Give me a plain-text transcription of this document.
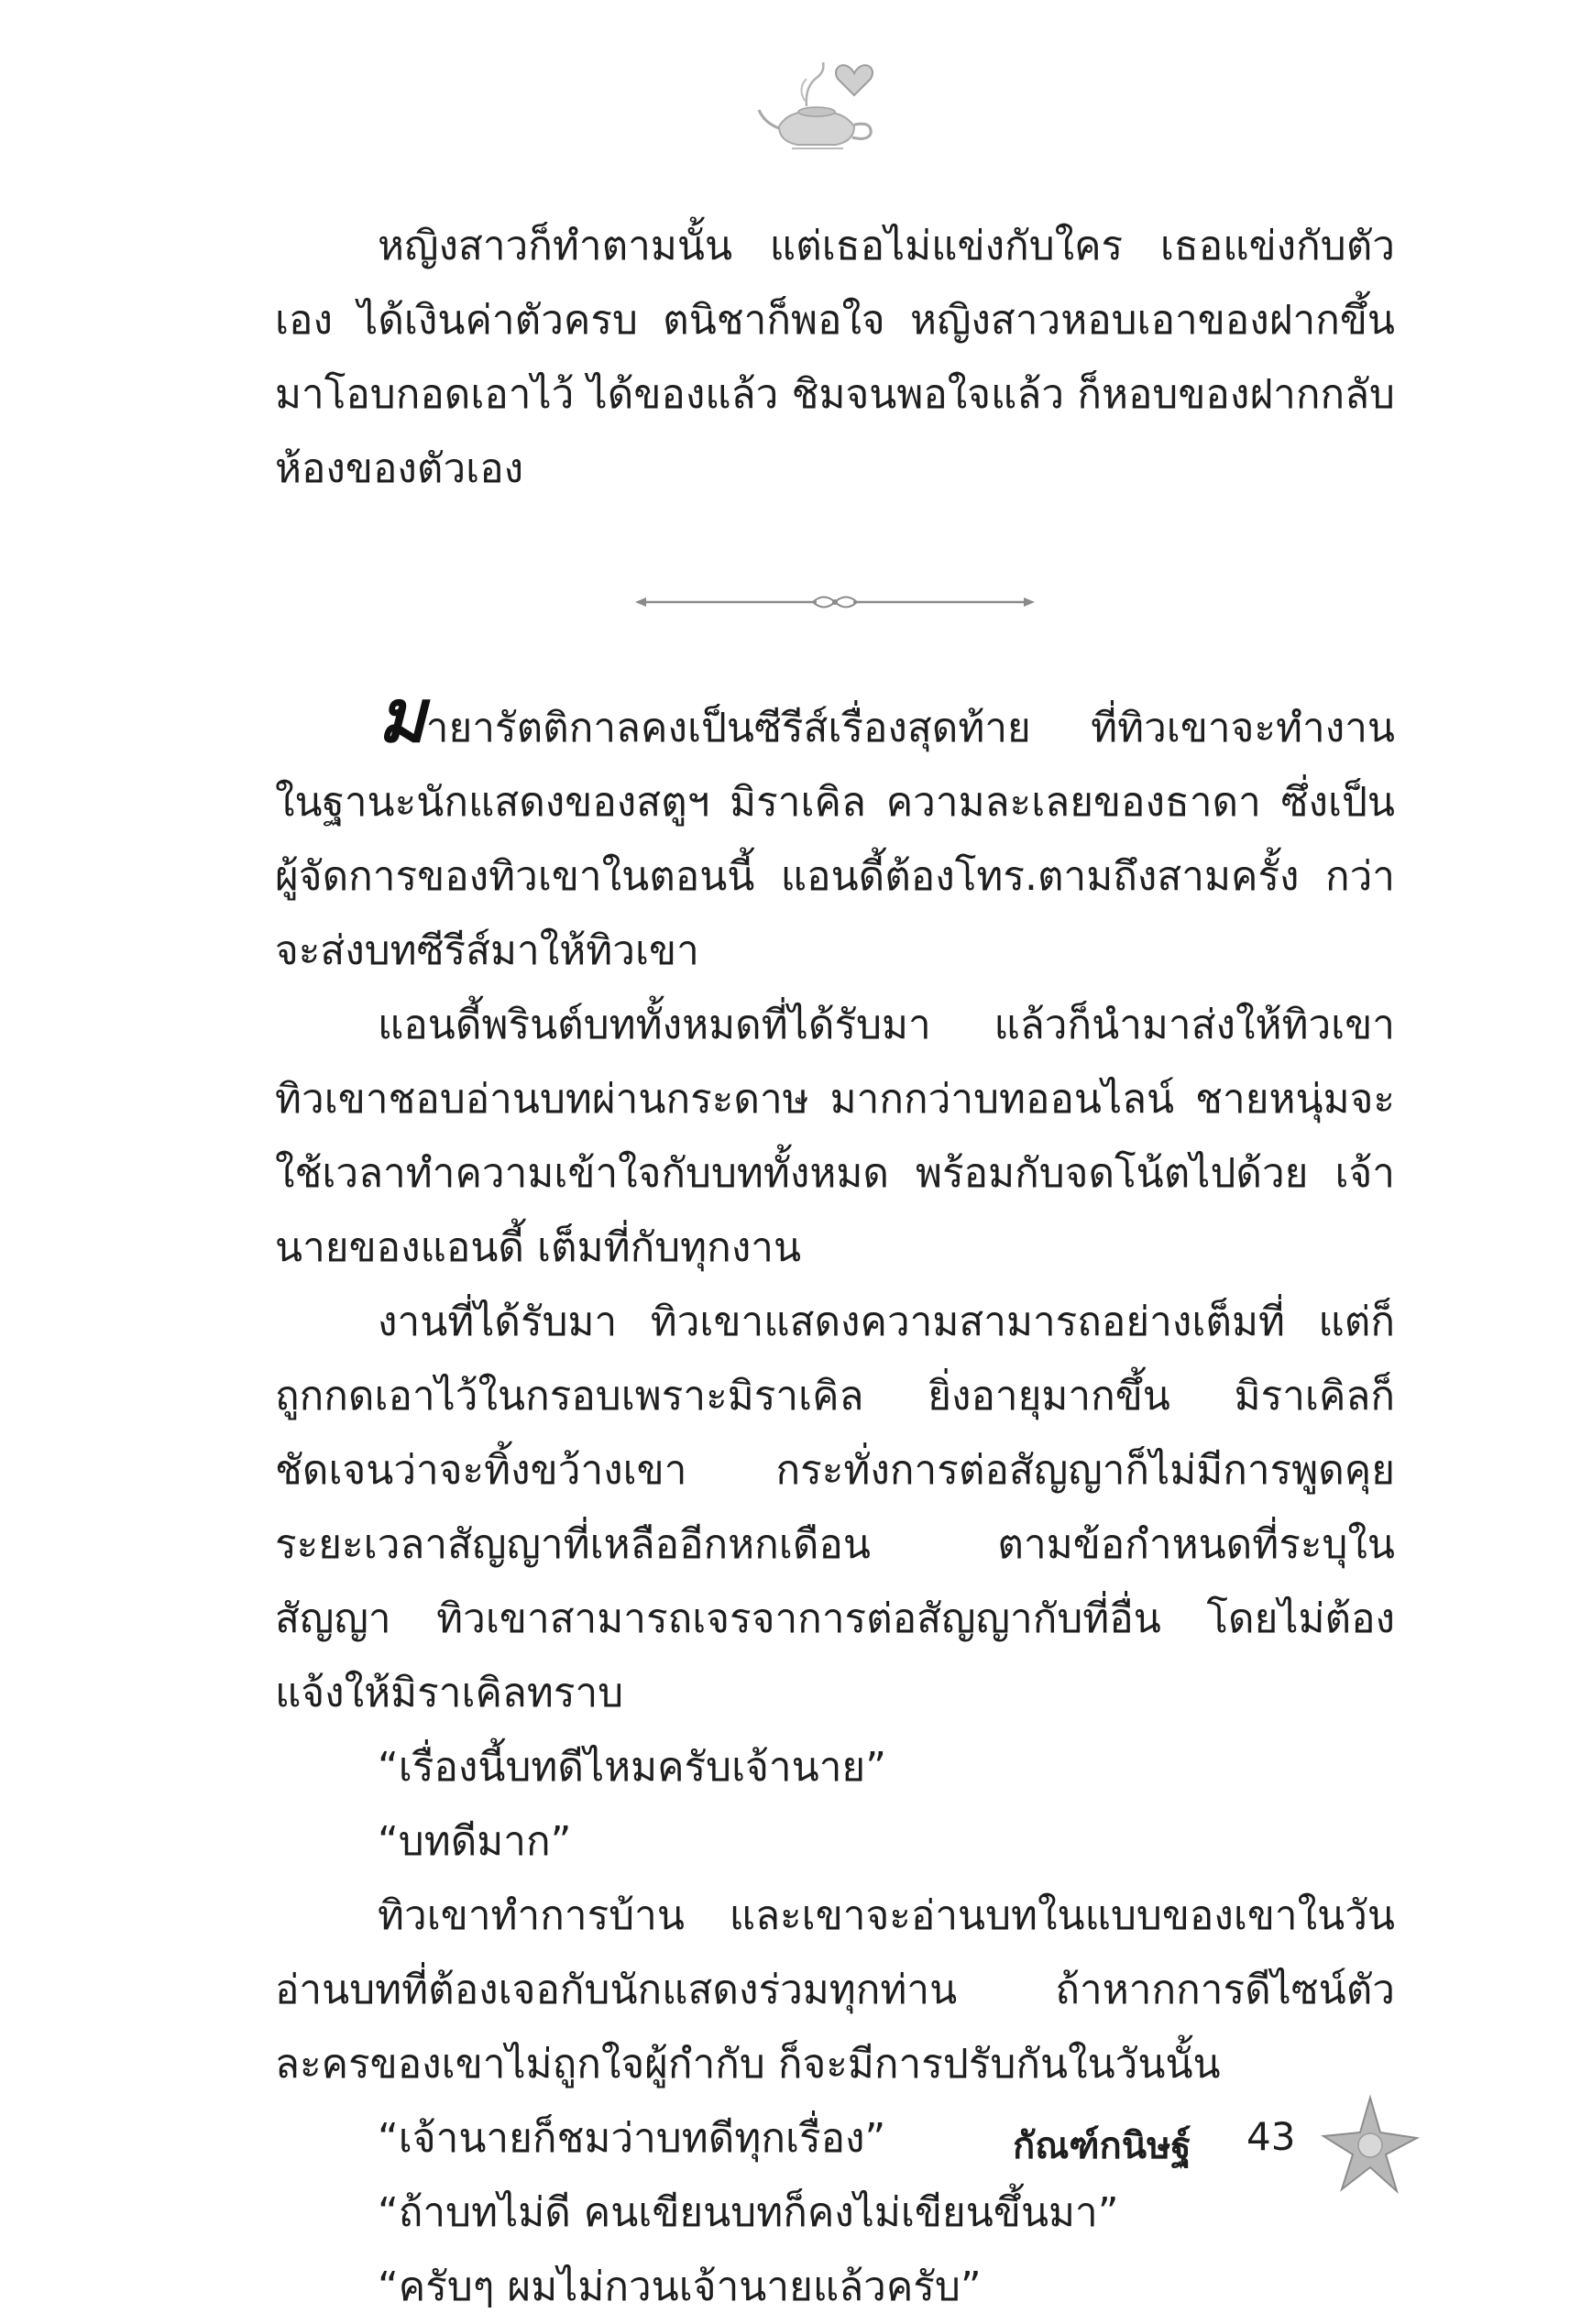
หญิงสาวก็ทำตามนั้น แต่เธอไม่แข่งกับใคร เธอแข่งกับตัวเอง ได้เงินค่าตัวครบ ตนิชาก็พอใจ หญิงสาวหอบเอาของฝากขึ้นมาโอบกอดเอาไว้ ได้ของแล้ว ชิมจนพอใจแล้ว ก็หอบของฝากกลับห้องของตัวเอง

มายารัตติกาลคงเป็นซีรีส์เรื่องสุดท้าย ที่ทิวเขาจะทำงานในฐานะนักแสดงของสตูฯ มิราเคิล ความละเลยของธาดา ซึ่งเป็นผู้จัดการของทิวเขาในตอนนี้ แอนดี้ต้องโทร.ตามถึงสามครั้ง กว่าจะส่งบทซีรีส์มาให้ทิวเขา

แอนดี้พรินต์บททั้งหมดที่ได้รับมา แล้วก็นำมาส่งให้ทิวเขา ทิวเขาชอบอ่านบทผ่านกระดาษ มากกว่าบทออนไลน์ ชายหนุ่มจะใช้เวลาทำความเข้าใจกับบททั้งหมด พร้อมกับจดโน้ตไปด้วย เจ้านายของแอนดี้ เต็มที่กับทุกงาน

งานที่ได้รับมา ทิวเขาแสดงความสามารถอย่างเต็มที่ แต่ก็ถูกกดเอาไว้ในกรอบเพราะมิราเคิล ยิ่งอายุมากขึ้น มิราเคิลก็ชัดเจนว่าจะทิ้งขว้างเขา กระทั่งการต่อสัญญาก็ไม่มีการพูดคุย ระยะเวลาสัญญาที่เหลืออีกหกเดือน ตามข้อกำหนดที่ระบุในสัญญา ทิวเขาสามารถเจรจาการต่อสัญญากับที่อื่น โดยไม่ต้องแจ้งให้มิราเคิลทราบ

“เรื่องนี้บทดีไหมครับเจ้านาย”

“บทดีมาก”

ทิวเขาทำการบ้าน และเขาจะอ่านบทในแบบของเขาในวันอ่านบทที่ต้องเจอกับนักแสดงร่วมทุกท่าน ถ้าหากการดีไซน์ตัวละครของเขาไม่ถูกใจผู้กำกับ ก็จะมีการปรับกันในวันนั้น

“เจ้านายก็ชมว่าบทดีทุกเรื่อง”

“ถ้าบทไม่ดี คนเขียนบทก็คงไม่เขียนขึ้นมา”

“ครับๆ ผมไม่กวนเจ้านายแล้วครับ”

กัณฑ์กนิษฐ์ 43
